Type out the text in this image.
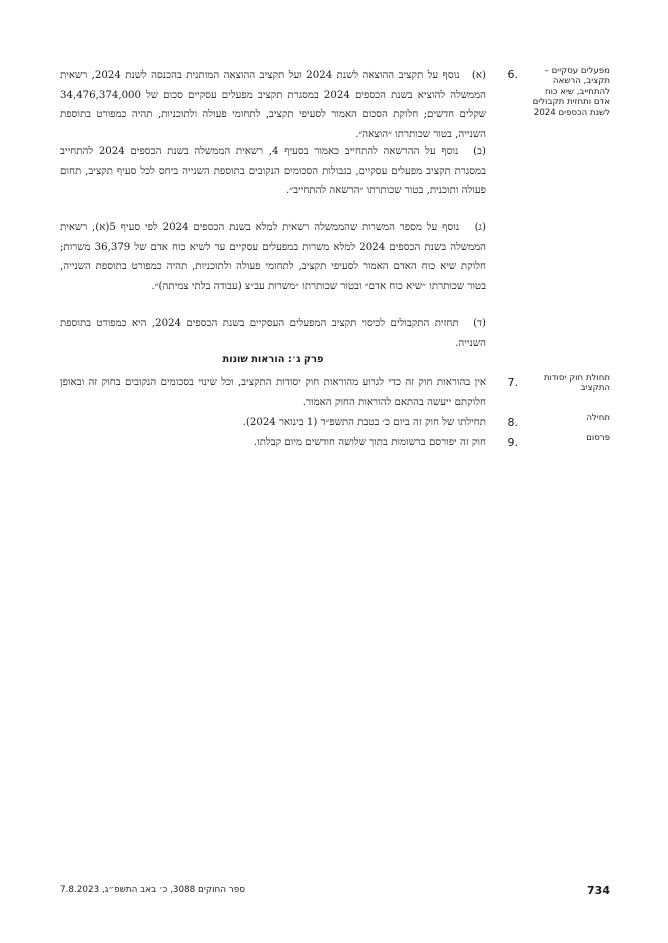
מפעלים עסקיים – תקציב, הרשאה להתחייב, שיא כוח אדם ותחזית תקבולים לשנת הכספים 2024
.6
(א) נוסף על תקציב ההוצאה לשנת 2024 ועל תקציב ההוצאה המותנית בהכנסה לשנת 2024, רשאית הממשלה להוציא בשנת הכספים 2024 במסגרת תקציב מפעלים עסקיים סכום של 34,476,374,000 שקלים חדשים; חלוקת הסכום האמור לסעיפי תקציב, לתחומי פעולה ולתוכניות, תהיה כמפורט בתוספת השנייה, בטור שכותרתו ״הוצאה״.
(ב) נוסף על ההרשאה להתחייב כאמור בסעיף 4, רשאית הממשלה בשנת הכספים 2024 להתחייב במסגרת תקציב מפעלים עסקיים, בגבולות הסכומים הנקובים בתוספת השנייה ביחס לכל סעיף תקציב, תחום פעולה ותוכנית, בטור שכותרתו ״הרשאה להתחייב״.
(ג) נוסף על מספר המשרות שהממשלה רשאית למלא בשנת הכספים 2024 לפי סעיף 5(א), רשאית הממשלה בשנת הכספים 2024 למלא משרות במפעלים עסקיים עד לשיא כוח אדם של 36,379 משרות; חלוקת שיא כוח האדם האמור לסעיפי תקציב, לתחומי פעולה ולתוכניות, תהיה כמפורט בתוספת השנייה, בטור שכותרתו ״שיא כוח אדם״ ובטור שכותרתו ״משרות עב״צ (עבודה בלתי צמיתה)״.
(ד) תחזית התקבולים לכיסוי תקציב המפעלים העסקיים בשנת הכספים 2024, היא כמפורט בתוספת השנייה.
פרק ג׳: הוראות שונות
תחולת חוק יסודות התקציב
.7
אין בהוראות חוק זה כדי לגרוע מהוראות חוק יסודות התקציב, וכל שינוי בסכומים הנקובים בחוק זה ובאופן חלוקתם ייעשה בהתאם להוראות החוק האמור.
תחילה
.8
תחילתו של חוק זה ביום כ׳ בטבת התשפ״ד (1 בינואר 2024).
פרסום
.9
חוק זה יפורסם ברשומות בתוך שלושה חודשים מיום קבלתו.
734
ספר החוקים 3088, כ׳ באב התשפ״ג, 7.8.2023
